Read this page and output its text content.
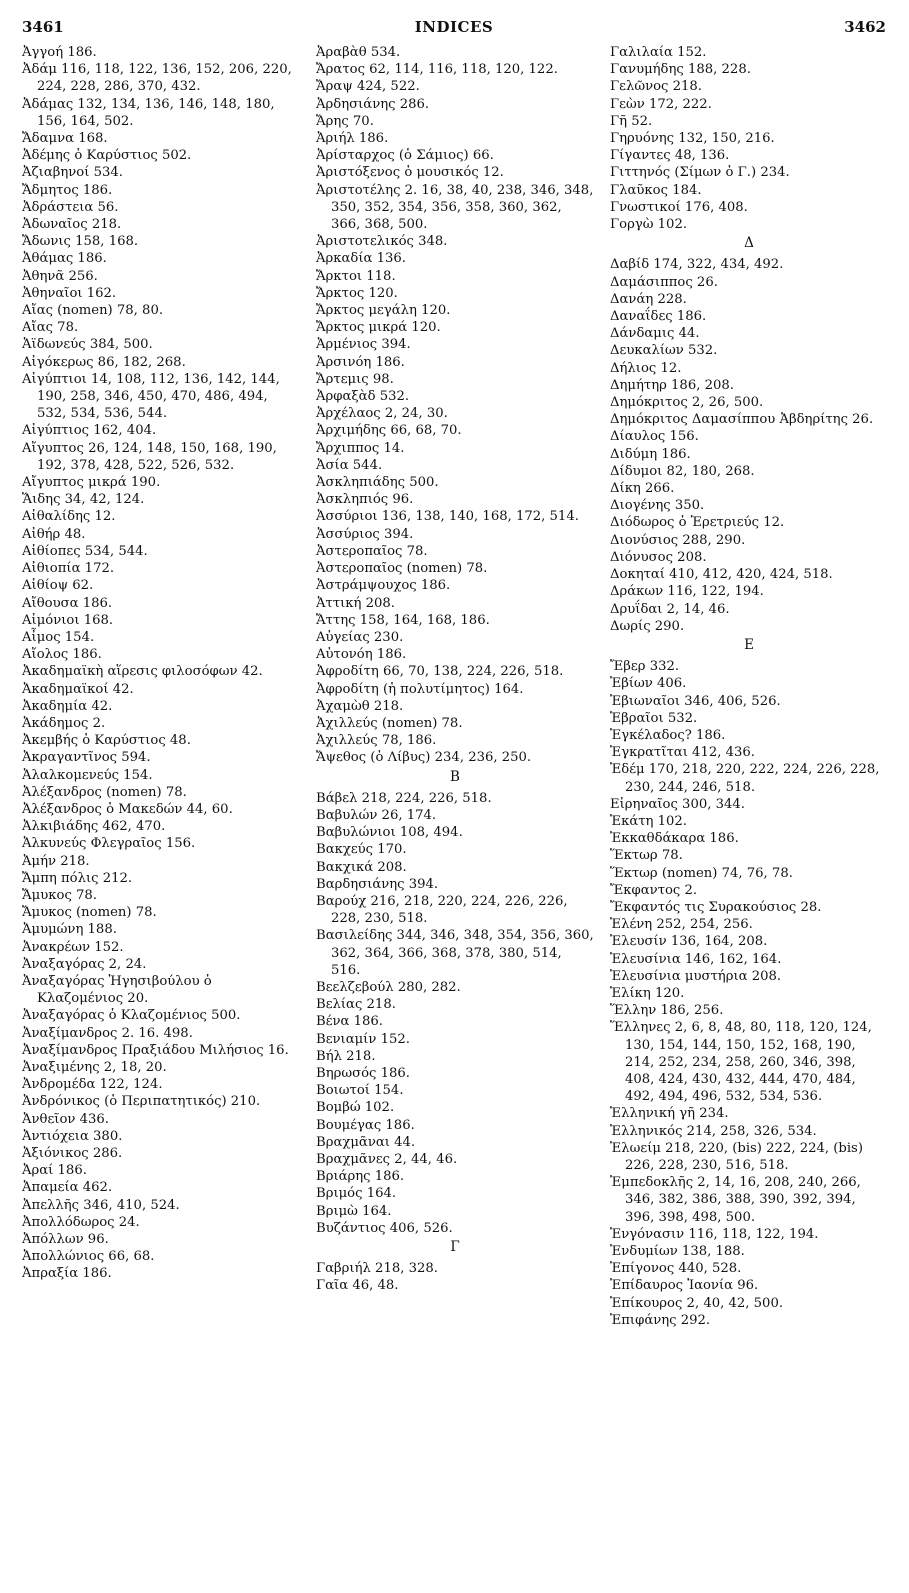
INDICES
3461	3462

Ἀγγοή 186.

Ἀδάμ 116, 118, 122, 136, 152, 206, 220, 224, 228, 286, 370, 432.

Ἀδάμας 132, 134, 136, 146, 148, 180, 156, 164, 502.

Ἄδαμνα 168.

Ἀδέμης ὁ Καρύστιος 502.

Ἀζιαβηνοί 534.

Ἄδμητος 186.

Ἀδράστεια 56.

Ἀδωναῖος 218.

Ἄδωνις 158, 168.

Ἀθάμας 186.

Ἀθηνᾶ 256.

Ἀθηναῖοι 162.

Αἴας (nomen) 78, 80.

Αἴας 78.

Ἀϊδωνεύς 384, 500.

Αἰγόκερως 86, 182, 268.

Αἰγύπτιοι 14, 108, 112, 136, 142, 144, 190, 258, 346, 450, 470, 486, 494, 532, 534, 536, 544.

Αἰγύπτιος 162, 404.

Αἴγυπτος 26, 124, 148, 150, 168, 190, 192, 378, 428, 522, 526, 532.

Αἴγυπτος μικρά 190.

Ἅιδης 34, 42, 124.

Αἰθαλίδης 12.

Αἰθήρ 48.

Αἰθίοπες 534, 544.

Αἰθιοπία 172.

Αἰθίοψ 62.

Αἴθουσα 186.

Αἰμόνιοι 168.

Αἶμος 154.

Αἴολος 186.

Ἀκαδημαϊκὴ αἵρεσις φιλοσόφων 42.

Ἀκαδημαϊκοί 42.

Ἀκαδημία 42.

Ἀκάδημος 2.

Ἀκεμβής ὁ Καρύστιος 48.

Ἀκραγαντῖνος 594.

Ἀλαλκομενεύς 154.

Ἀλέξανδρος (nomen) 78.

Ἀλέξανδρος ὁ Μακεδών 44, 60.

Ἀλκιβιάδης 462, 470.

Ἀλκυνεύς Φλεγραῖος 156.

Ἀμήν 218.

Ἄμπη πόλις 212.

Ἄμυκος 78.

Ἄμυκος (nomen) 78.

Ἀμυμώνη 188.

Ἀνακρέων 152.

Ἀναξαγόρας 2, 24.

Ἀναξαγόρας Ἡγησιβούλου ὁ Κλαζομένιος 20.

Ἀναξαγόρας ὁ Κλαζομένιος 500.

Ἀναξίμανδρος 2. 16. 498.

Ἀναξίμανδρος Πραξιάδου Μιλήσιος 16.

Ἀναξιμένης 2, 18, 20.

Ἀνδρομέδα 122, 124.

Ἀνδρόνικος (ὁ Περιπατητικός) 210.

Ἀνθεῖον 436.

Ἀντιόχεια 380.

Ἀξιόνικος 286.

Ἀραί 186.

Ἀπαμεία 462.

Ἀπελλῆς 346, 410, 524.

Ἀπολλόδωρος 24.

Ἀπόλλων 96.

Ἀπολλώνιος 66, 68.

Ἀπραξία 186.

Ἀραβὰθ 534.

Ἄρατος 62, 114, 116, 118, 120, 122.

Ἄραψ 424, 522.

Ἀρδησιάνης 286.

Ἄρης 70.

Ἀριήλ 186.

Ἀρίσταρχος (ὁ Σάμιος) 66.

Ἀριστόξενος ὁ μουσικός 12.

Ἀριστοτέλης 2. 16, 38, 40, 238, 346, 348, 350, 352, 354, 356, 358, 360, 362, 366, 368, 500.

Ἀριστοτελικός 348.

Ἀρκαδία 136.

Ἄρκτοι 118.

Ἄρκτος 120.

Ἄρκτος μεγάλη 120.

Ἄρκτος μικρά 120.

Ἀρμένιος 394.

Ἀρσινόη 186.

Ἄρτεμις 98.

Ἀρφαξὰδ 532.

Ἀρχέλαος 2, 24, 30.

Ἀρχιμήδης 66, 68, 70.

Ἄρχιππος 14.

Ἀσία 544.

Ἀσκληπιάδης 500.

Ἀσκληπιός 96.

Ἀσσύριοι 136, 138, 140, 168, 172, 514.

Ἀσσύριος 394.

Ἀστεροπαῖος 78.

Ἀστεροπαῖος (nomen) 78.

Ἀστράμψουχος 186.

Ἀττική 208.

Ἄττης 158, 164, 168, 186.

Αὐγείας 230.

Αὐτονόη 186.

Ἀφροδίτη 66, 70, 138, 224, 226, 518.

Ἀφροδίτη (ἡ πολυτίμητος) 164.

Ἀχαμὼθ 218.

Ἀχιλλεύς (nomen) 78.

Ἀχιλλεύς 78, 186.

Ἄψεθος (ὁ Λίβυς) 234, 236, 250.

Β

Βάβελ 218, 224, 226, 518.

Βαβυλών 26, 174.

Βαβυλώνιοι 108, 494.

Βακχεύς 170.

Βακχικά 208.

Βαρδησιάνης 394.

Βαρούχ 216, 218, 220, 224, 226, 226, 228, 230, 518.

Βασιλείδης 344, 346, 348, 354, 356, 360, 362, 364, 366, 368, 378, 380, 514, 516.

Βεελζεβούλ 280, 282.

Βελίας 218.

Βένα 186.

Βενιαμίν 152.

Βήλ 218.

Βηρωσός 186.

Βοιωτοί 154.

Βομβώ 102.

Βουμέγας 186.

Βραχμᾶναι 44.

Βραχμᾶνες 2, 44, 46.

Βριάρης 186.

Βριμός 164.

Βριμὼ 164.

Βυζάντιος 406, 526.

Γ

Γαβριήλ 218, 328.

Γαῖα 46, 48.

Γαλιλαία 152.

Γανυμήδης 188, 228.

Γελῶνος 218.

Γεὼν 172, 222.

Γῆ 52.

Γηρυόνης 132, 150, 216.

Γίγαντες 48, 136.

Γιττηνός (Σίμων ὁ Γ.) 234.

Γλαῦκος 184.

Γνωστικοί 176, 408.

Γοργὼ 102.

Δ

Δαβίδ 174, 322, 434, 492.

Δαμάσιππος 26.

Δανάη 228.

Δαναΐδες 186.

Δάνδαμις 44.

Δευκαλίων 532.

Δήλιος 12.

Δημήτηρ 186, 208.

Δημόκριτος 2, 26, 500.

Δημόκριτος Δαμασίππου Ἀβδηρίτης 26.

Δίαυλος 156.

Διδύμη 186.

Δίδυμοι 82, 180, 268.

Δίκη 266.

Διογένης 350.

Διόδωρος ὁ Ἐρετριεύς 12.

Διονύσιος 288, 290.

Διόνυσος 208.

Δοκηταί 410, 412, 420, 424, 518.

Δράκων 116, 122, 194.

Δρυΐδαι 2, 14, 46.

Δωρίς 290.

Ε

Ἔβερ 332.

Ἐβίων 406.

Ἐβιωναῖοι 346, 406, 526.

Ἑβραῖοι 532.

Ἐγκέλαδος? 186.

Ἐγκρατῖται 412, 436.

Ἐδέμ 170, 218, 220, 222, 224, 226, 228, 230, 244, 246, 518.

Εἰρηναῖος 300, 344.

Ἑκάτη 102.

Ἐκκαθδάκαρα 186.

Ἕκτωρ 78.

Ἕκτωρ (nomen) 74, 76, 78.

Ἔκφαντος 2.

Ἔκφαντός τις Συρακούσιος 28.

Ἑλένη 252, 254, 256.

Ἐλευσίν 136, 164, 208.

Ἐλευσίνια 146, 162, 164.

Ἐλευσίνια μυστήρια 208.

Ἑλίκη 120.

Ἕλλην 186, 256.

Ἕλληνες 2, 6, 8, 48, 80, 118, 120, 124, 130, 154, 144, 150, 152, 168, 190, 214, 252, 234, 258, 260, 346, 398, 408, 424, 430, 432, 444, 470, 484, 492, 494, 496, 532, 534, 536.

Ἑλληνική γῆ 234.

Ἑλληνικός 214, 258, 326, 534.

Ἐλωείμ 218, 220, (bis) 222, 224, (bis) 226, 228, 230, 516, 518.

Ἐμπεδοκλῆς 2, 14, 16, 208, 240, 266, 346, 382, 386, 388, 390, 392, 394, 396, 398, 498, 500.

Ἐνγόνασιν 116, 118, 122, 194.

Ἐνδυμίων 138, 188.

Ἐπίγονος 440, 528.

Ἐπίδαυρος Ἰαονία 96.

Ἐπίκουρος 2, 40, 42, 500.

Ἐπιφάνης 292.
